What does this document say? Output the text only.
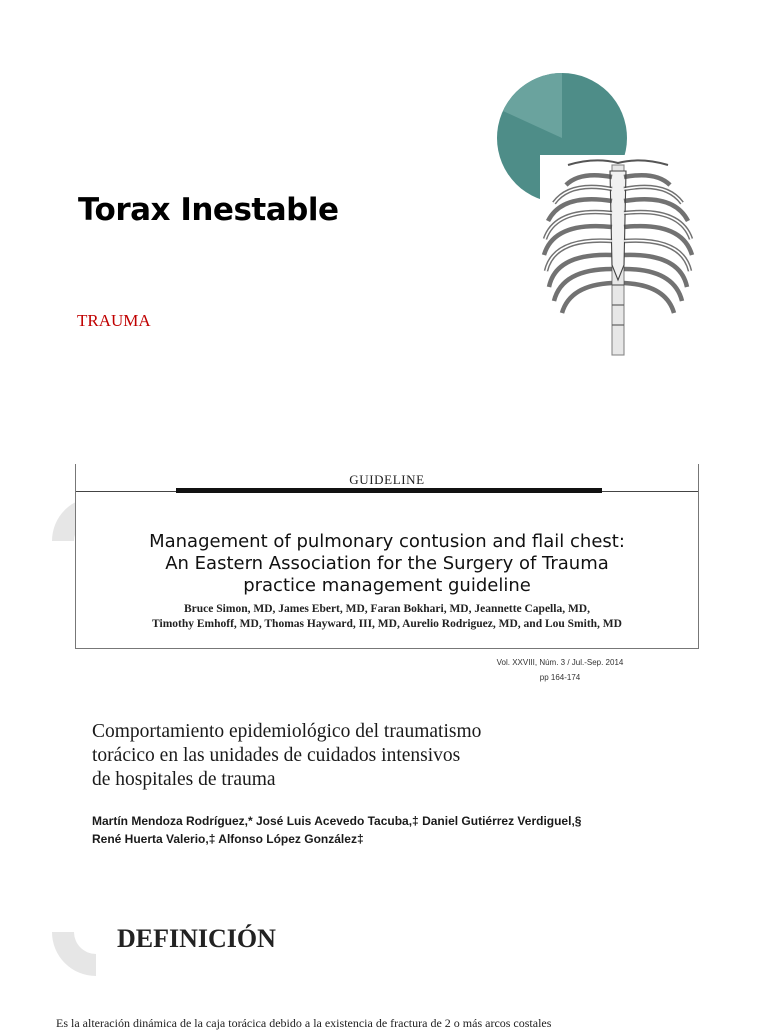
Torax Inestable
TRAUMA
GUIDELINE
Management of pulmonary contusion and flail chest:
An Eastern Association for the Surgery of Trauma
practice management guideline
Bruce Simon, MD, James Ebert, MD, Faran Bokhari, MD, Jeannette Capella, MD,
Timothy Emhoff, MD, Thomas Hayward, III, MD, Aurelio Rodriguez, MD, and Lou Smith, MD
Vol. XXVIII, Núm. 3 / Jul.-Sep. 2014
pp 164-174
Comportamiento epidemiológico del traumatismo
torácico en las unidades de cuidados intensivos
de hospitales de trauma
Martín Mendoza Rodríguez,* José Luis Acevedo Tacuba,‡ Daniel Gutiérrez Verdiguel,§
René Huerta Valerio,‡ Alfonso López González‡
DEFINICIÓN
Es la alteración dinámica de la caja torácica debido a la existencia de fractura de 2 o más arcos costales
